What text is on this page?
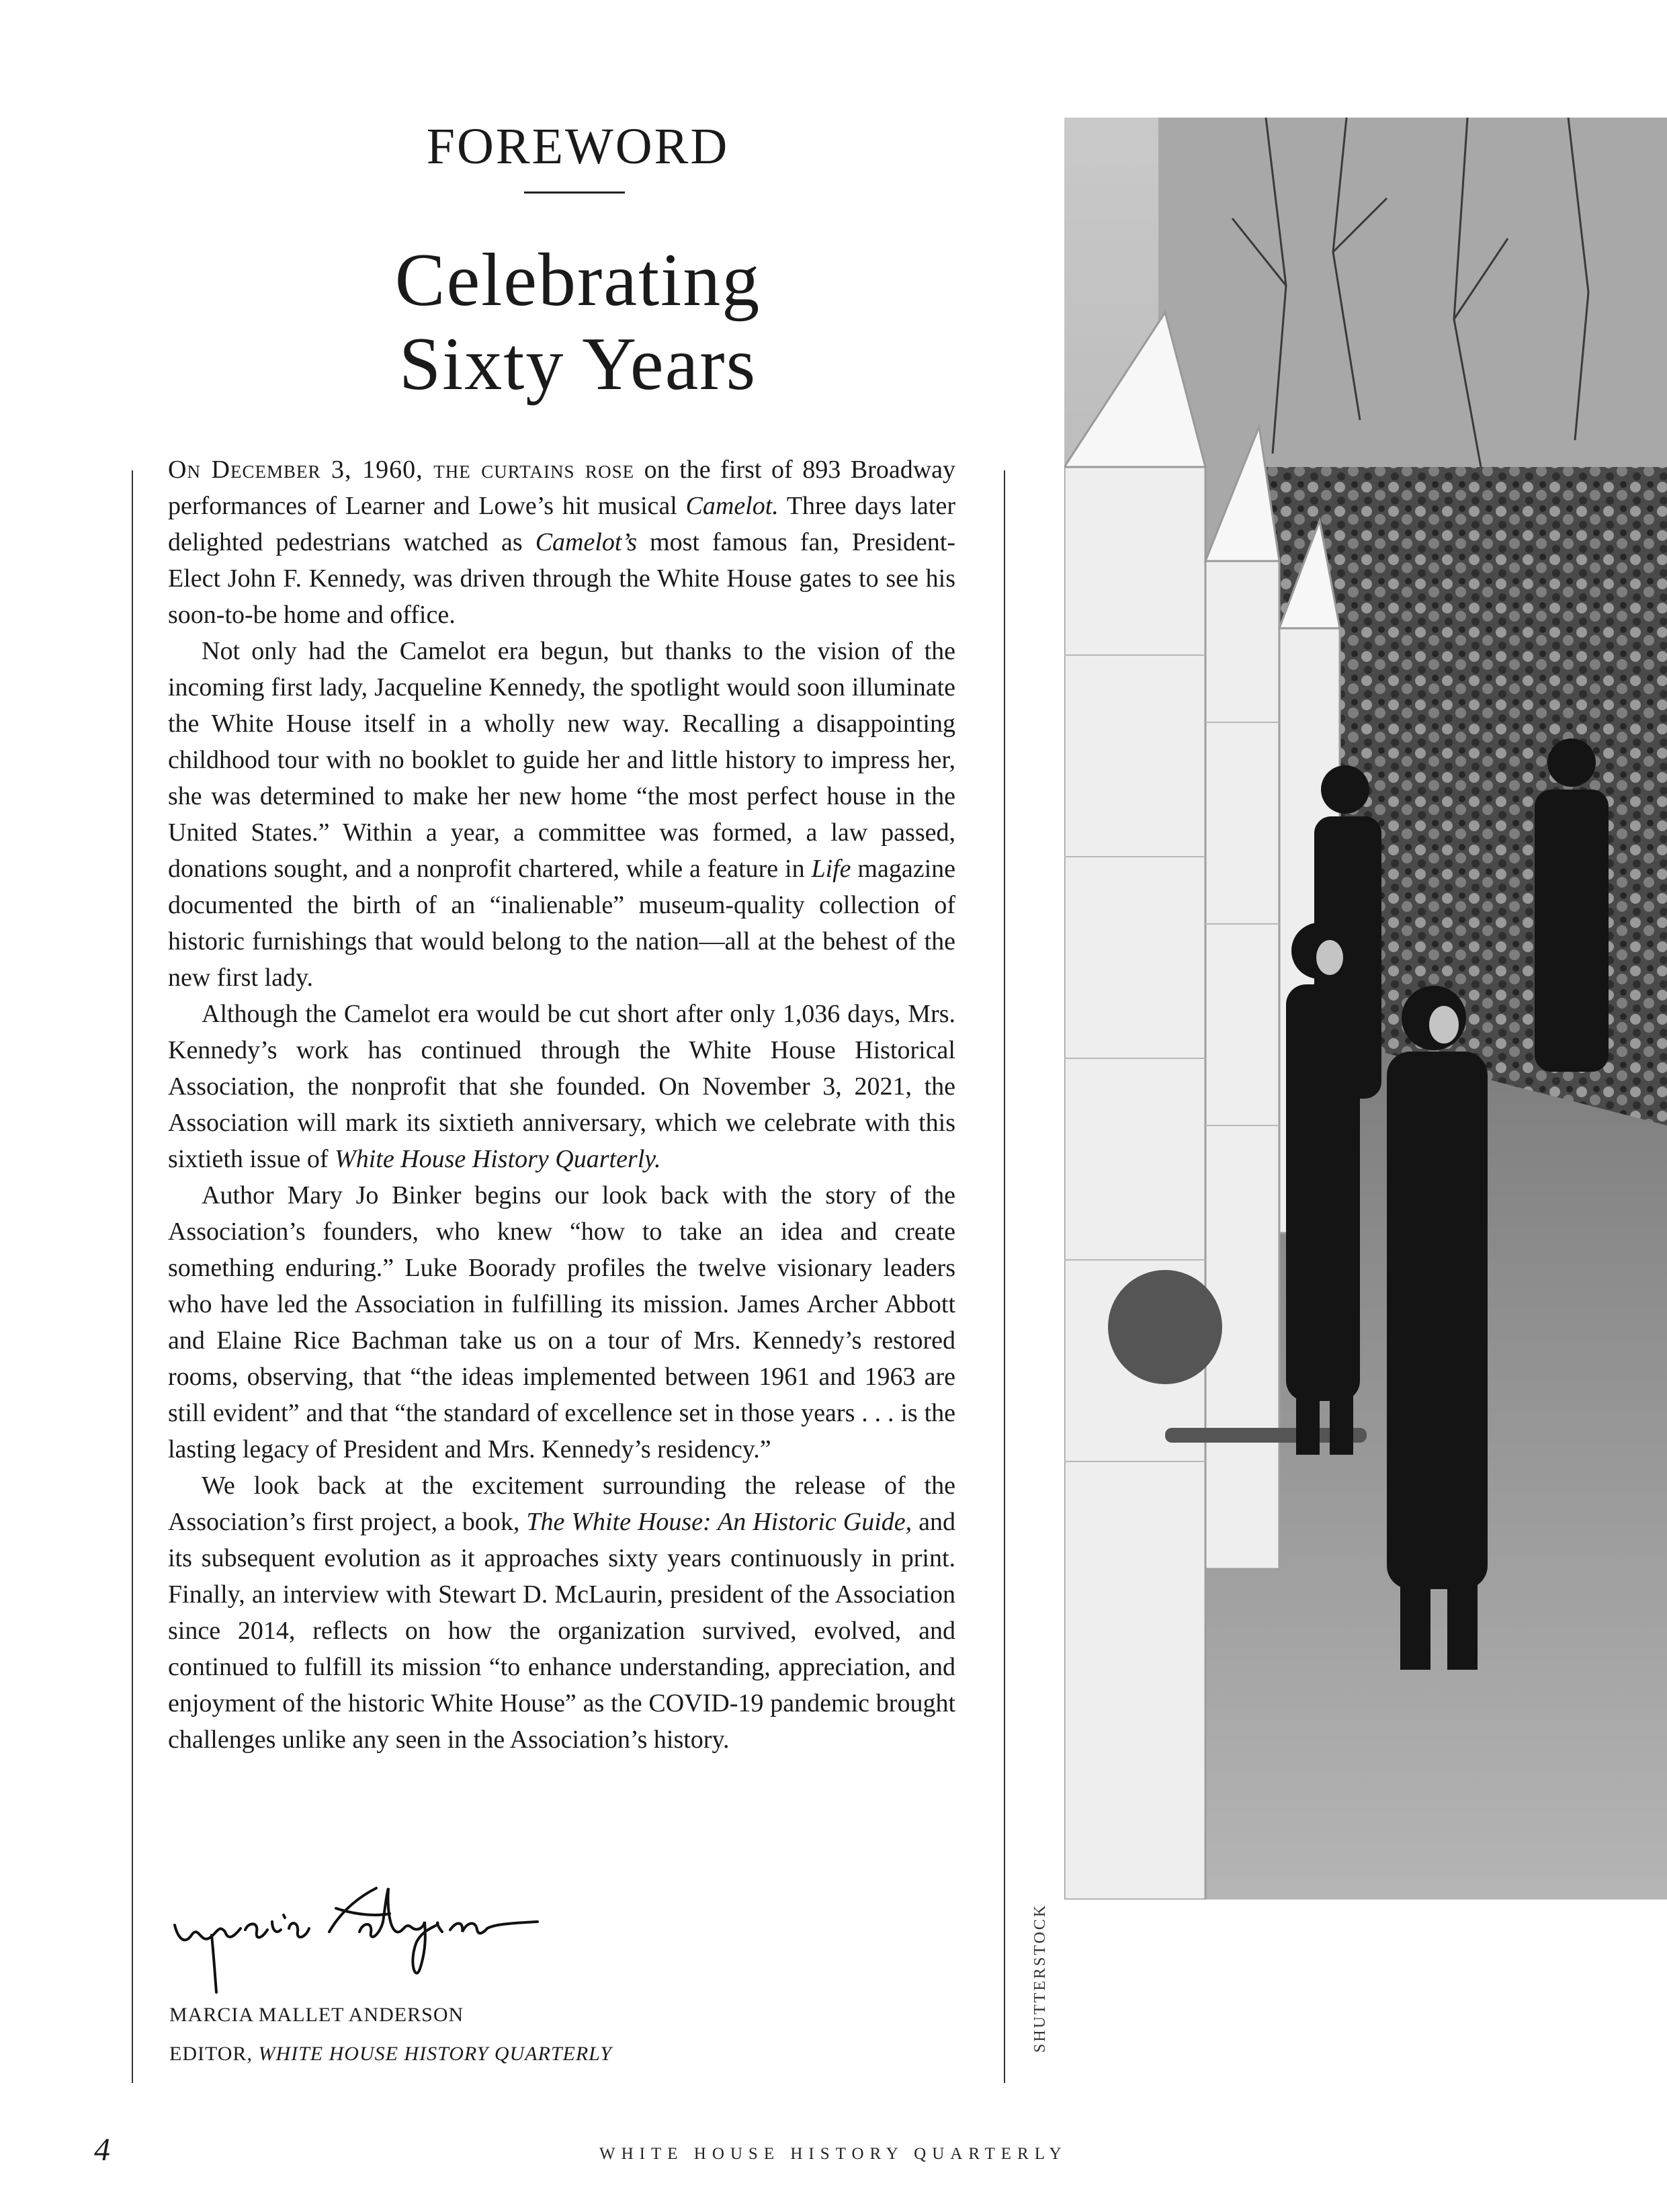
FOREWORD
Celebrating
Sixty Years

On December 3, 1960, the curtains rose on the first of 893 Broadway performances of Learner and Lowe’s hit musical Camelot. Three days later delighted pedestrians watched as Camelot’s most famous fan, President-Elect John F. Kennedy, was driven through the White House gates to see his soon-to-be home and office.

Not only had the Camelot era begun, but thanks to the vision of the incoming first lady, Jacqueline Kennedy, the spotlight would soon illuminate the White House itself in a wholly new way. Recalling a disappointing childhood tour with no booklet to guide her and little history to impress her, she was determined to make her new home “the most perfect house in the United States.” Within a year, a committee was formed, a law passed, donations sought, and a nonprofit chartered, while a feature in Life magazine documented the birth of an “inalienable” museum-quality collection of historic furnishings that would belong to the nation—all at the behest of the new first lady.

Although the Camelot era would be cut short after only 1,036 days, Mrs. Kennedy’s work has continued through the White House Historical Association, the nonprofit that she founded. On November 3, 2021, the Association will mark its sixtieth anniversary, which we celebrate with this sixtieth issue of White House History Quarterly.

Author Mary Jo Binker begins our look back with the story of the Association’s founders, who knew “how to take an idea and create something enduring.” Luke Boorady profiles the twelve visionary leaders who have led the Association in fulfilling its mission. James Archer Abbott and Elaine Rice Bachman take us on a tour of Mrs. Kennedy’s restored rooms, observing, that “the ideas implemented between 1961 and 1963 are still evident” and that “the standard of excellence set in those years . . . is the lasting legacy of President and Mrs. Kennedy’s residency.”

We look back at the excitement surrounding the release of the Association’s first project, a book, The White House: An Historic Guide, and its subsequent evolution as it approaches sixty years continuously in print. Finally, an interview with Stewart D. McLaurin, president of the Association since 2014, reflects on how the organization survived, evolved, and continued to fulfill its mission “to enhance understanding, appreciation, and enjoyment of the historic White House” as the COVID-19 pandemic brought challenges unlike any seen in the Association’s history.

MARCIA MALLET ANDERSON
EDITOR, WHITE HOUSE HISTORY QUARTERLY
SHUTTERSTOCK
4	WHITE HOUSE HISTORY QUARTERLY
